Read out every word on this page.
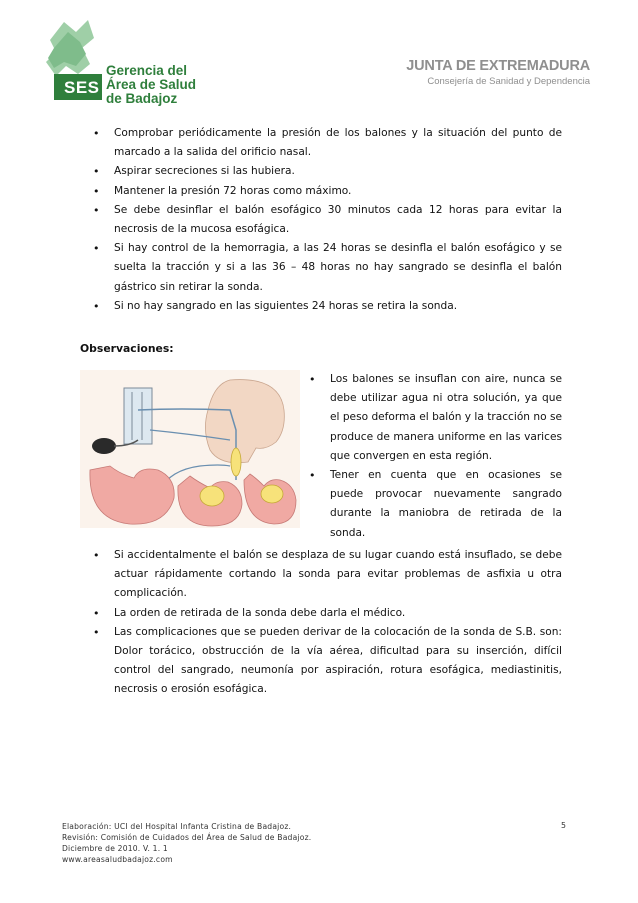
Gerencia del
Área de Salud
de Badajoz
SES
JUNTA DE EXTREMADURA
Consejería de Sanidad y Dependencia
• Comprobar periódicamente la presión de los balones y la situación del punto de marcado a la salida del orificio nasal.
• Aspirar secreciones si las hubiera.
• Mantener la presión 72 horas como máximo.
• Se debe desinflar el balón esofágico 30 minutos cada 12 horas para evitar la necrosis de la mucosa esofágica.
• Si hay control de la hemorragia, a las 24 horas se desinfla el balón esofágico y se suelta la tracción y si a las 36 – 48 horas no hay sangrado se desinfla el balón gástrico sin retirar la sonda.
• Si no hay sangrado en las siguientes 24 horas se retira la sonda.
Observaciones:
• Los balones se insuflan con aire, nunca se debe utilizar agua ni otra solución, ya que el peso deforma el balón y la tracción no se produce de manera uniforme en las varices que convergen en esta región.
• Tener en cuenta que en ocasiones se puede provocar nuevamente sangrado durante la maniobra de retirada de la sonda.
• Si accidentalmente el balón se desplaza de su lugar cuando está insuflado, se debe actuar rápidamente cortando la sonda para evitar problemas de asfixia u otra complicación.
• La orden de retirada de la sonda debe darla el médico.
• Las complicaciones que se pueden derivar de la colocación de la sonda de S.B. son: Dolor torácico, obstrucción de la vía aérea, dificultad para su inserción, difícil control del sangrado, neumonía por aspiración, rotura esofágica, mediastinitis, necrosis o erosión esofágica.
Elaboración: UCI del Hospital Infanta Cristina de Badajoz.
Revisión: Comisión de Cuidados del Área de Salud de Badajoz.
Diciembre de 2010. V. 1. 1
www.areasaludbadajoz.com
5
